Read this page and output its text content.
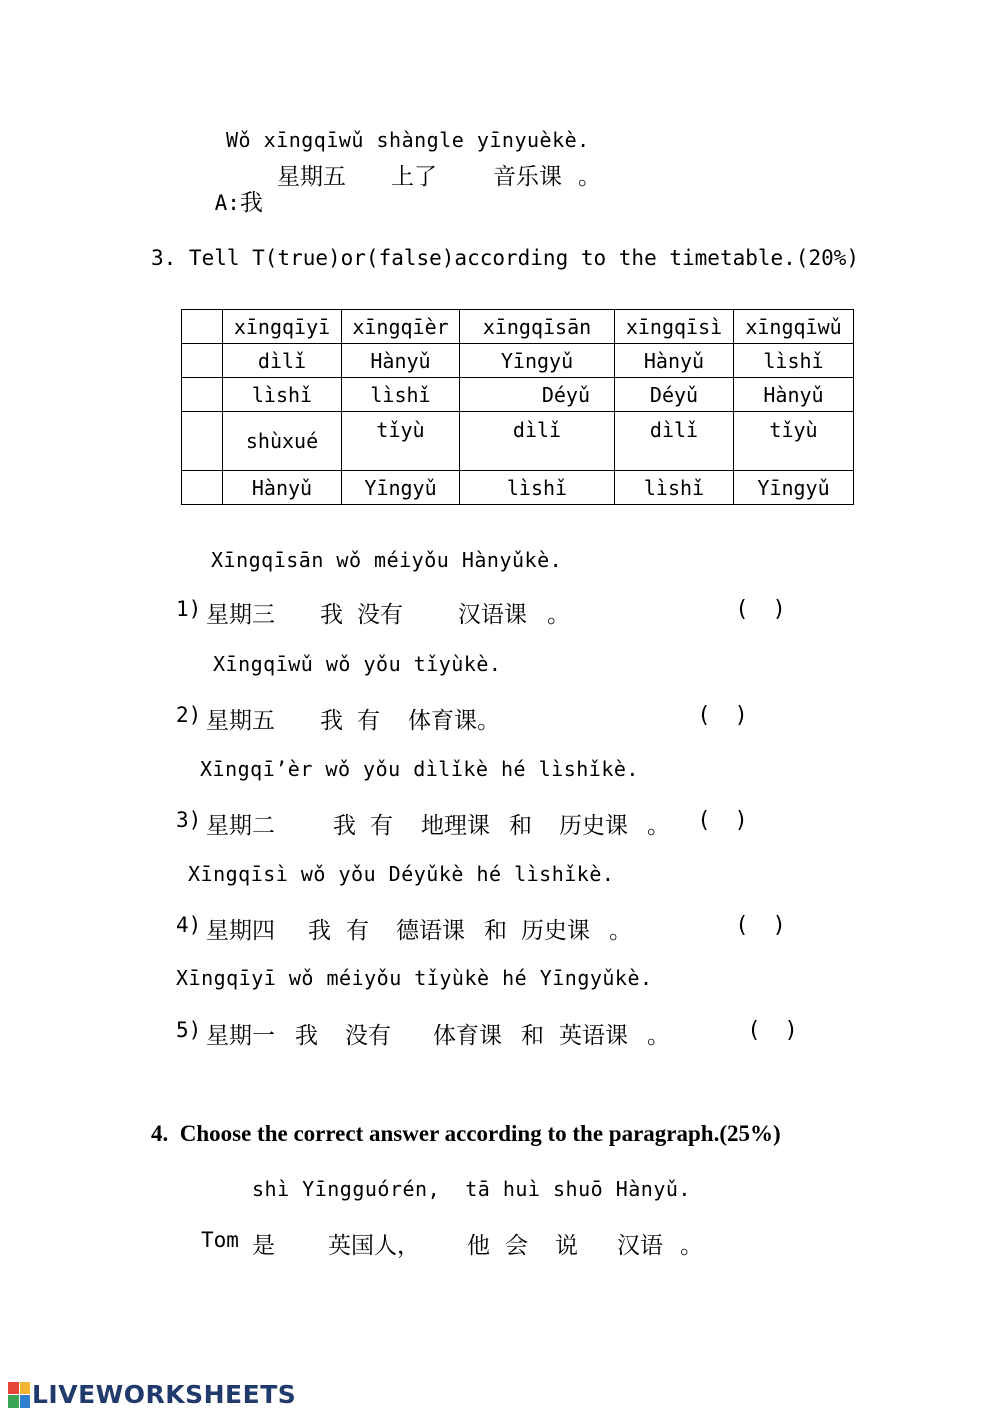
Wǒ xīngqīwǔ shàngle yīnyuèkè.

A:我

星期五 上了 音乐课 。
3. Tell T(true)or(false)according to the timetable.(20%)
	xīngqīyī	xīngqīèr	xīngqīsān	xīngqīsì	xīngqīwǔ
	dìlǐ	Hànyǔ	Yīngyǔ	Hànyǔ	lìshǐ
	lìshǐ	lìshǐ	Déyǔ	Déyǔ	Hànyǔ
	shùxué	tǐyù	dìlǐ	dìlǐ	tǐyù
	Hànyǔ	Yīngyǔ	lìshǐ	lìshǐ	Yīngyǔ
Xīngqīsān wǒ méiyǒu Hànyǔkè.
1) 星期三 我 没有 汉语课 。	(    )
Xīngqīwǔ wǒ yǒu tǐyùkè.
2) 星期五 我 有 体育课。	(    )
Xīngqī’èr wǒ yǒu dìlǐkè hé lìshǐkè.
3) 星期二	我 有 地理课 和 历史课 。 (    )
Xīngqīsì wǒ yǒu Déyǔkè hé lìshǐkè.
4) 星期四 我 有 德语课 和 历史课 。	(    )
Xīngqīyī wǒ méiyǒu tǐyùkè hé Yīngyǔkè.
5) 星期一 我 没有 体育课 和 英语课 。	(    )
4.  Choose the correct answer according to the paragraph.(25%)
shì Yīngguórén,  tā huì shuō Hànyǔ.
Tom 是 英国人， 他 会 说 汉语 。
LIVEWORKSHEETS
